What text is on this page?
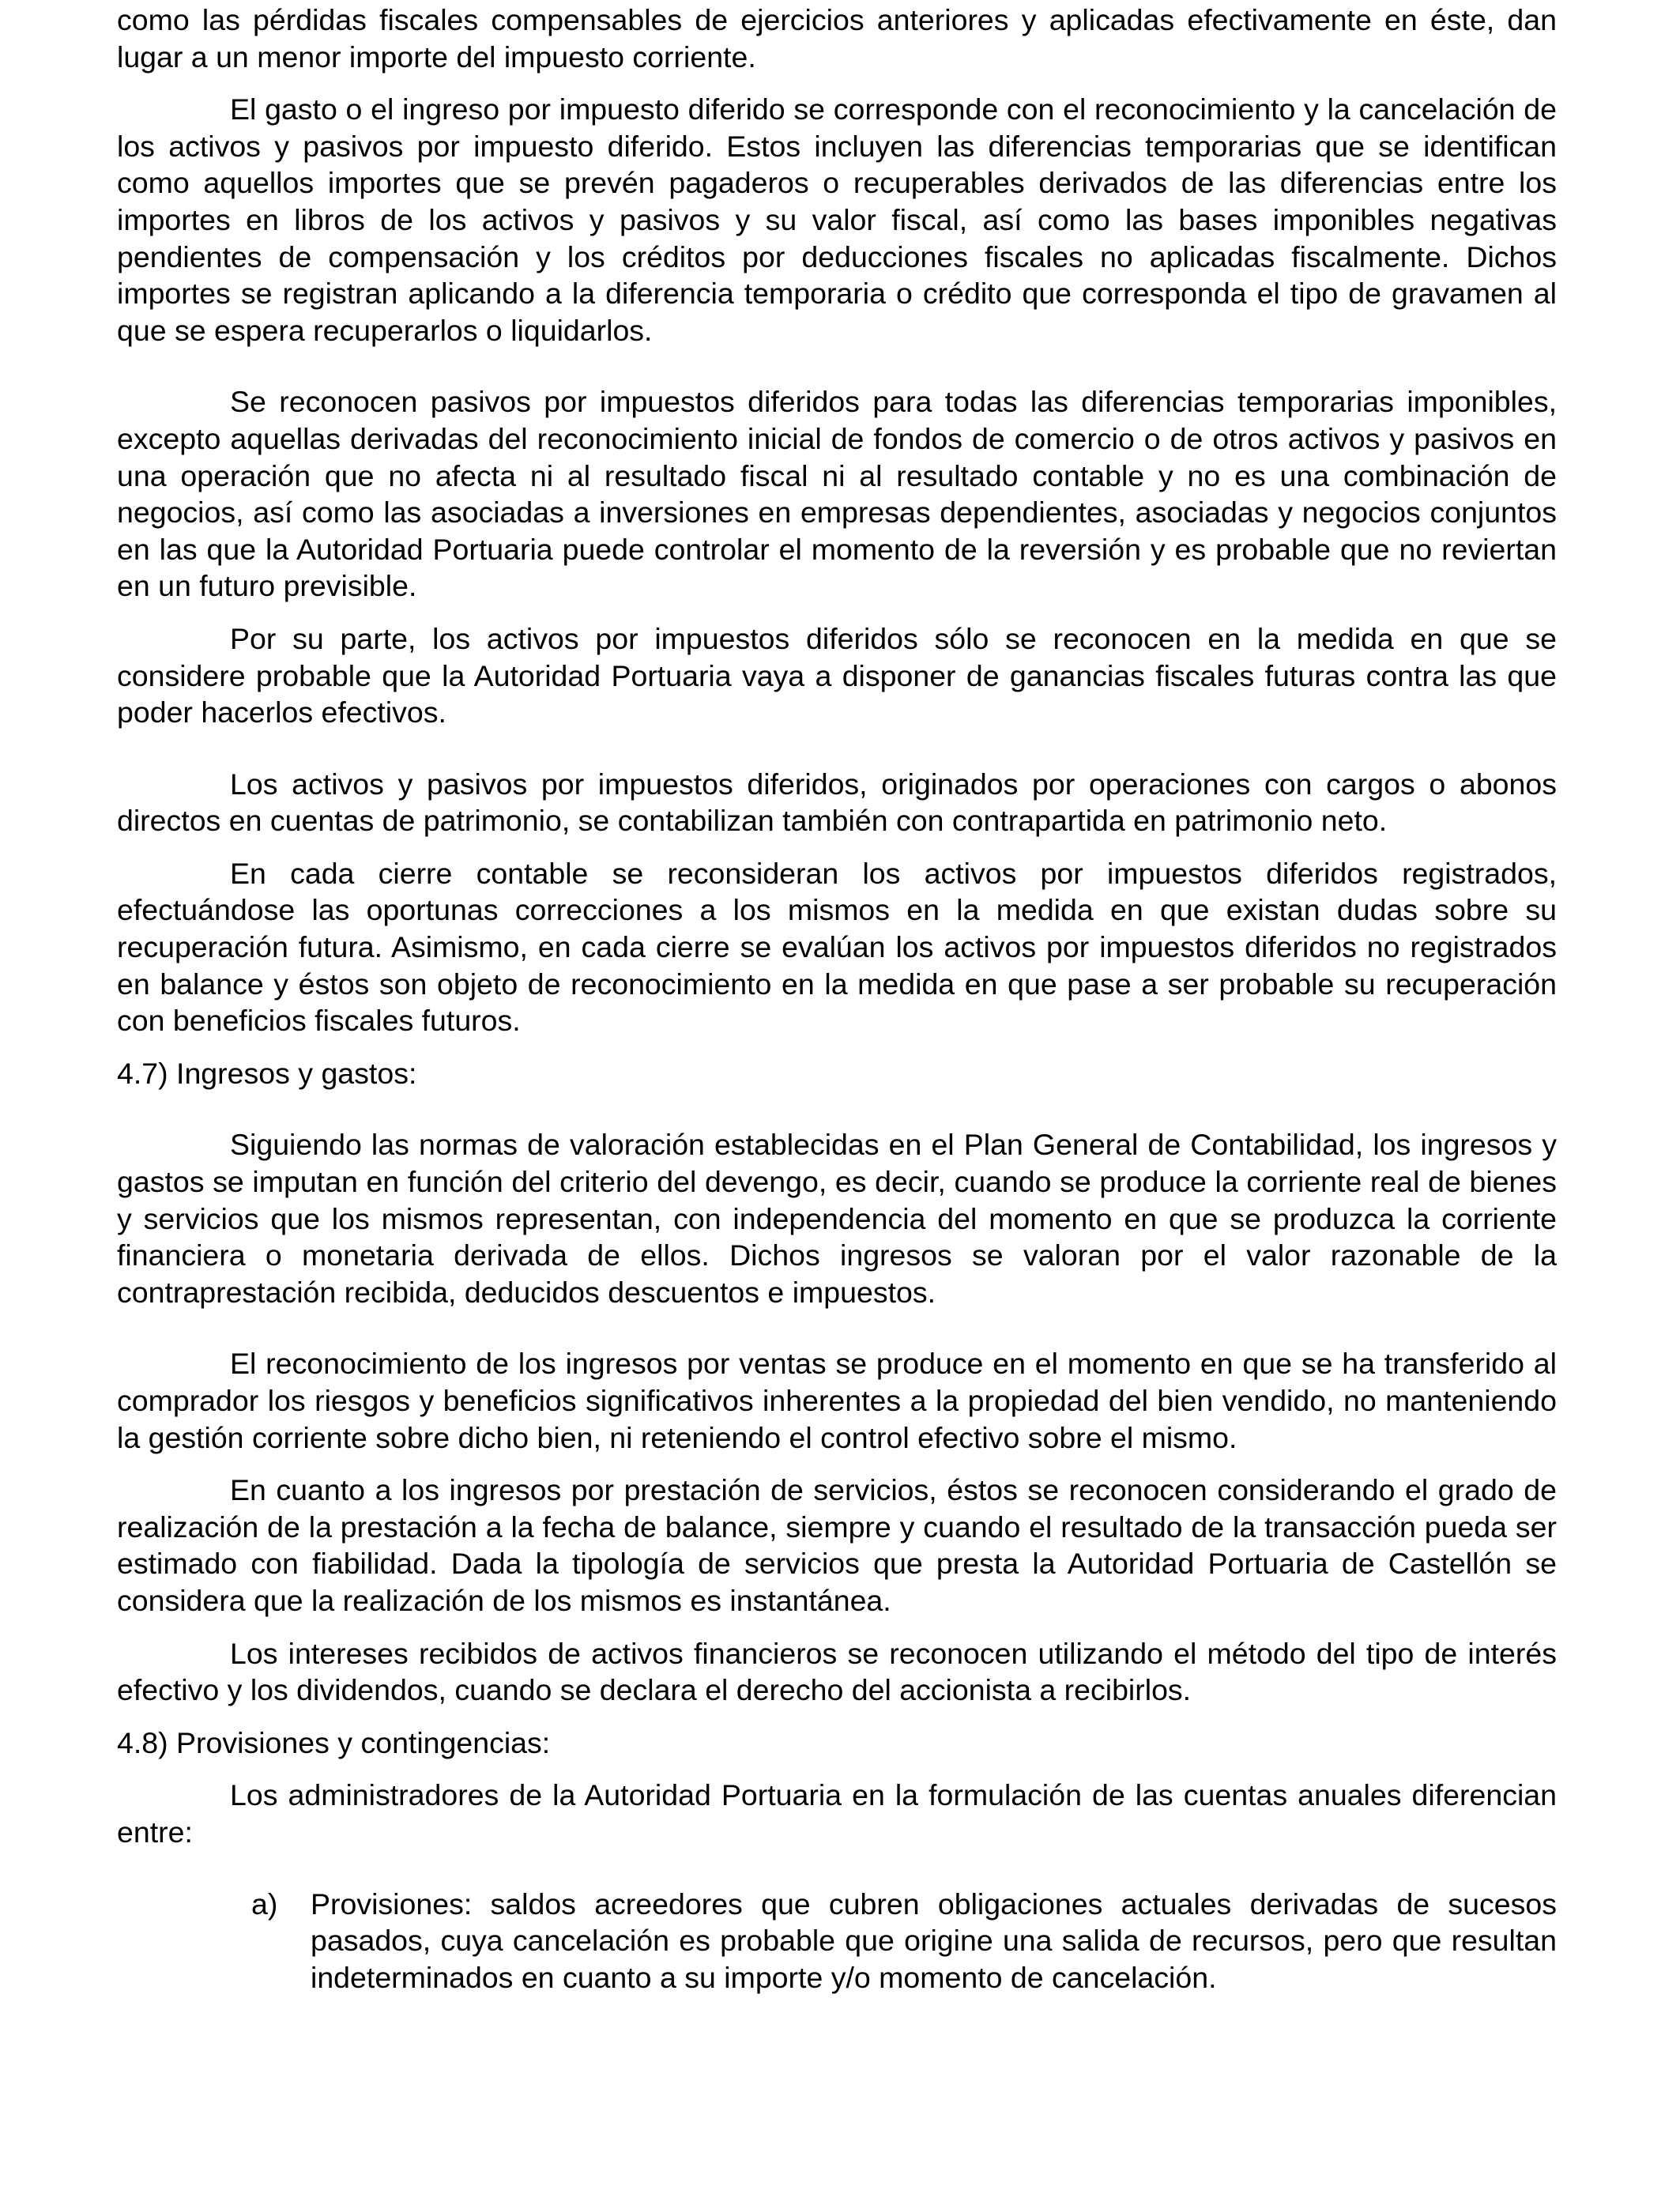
como las pérdidas fiscales compensables de ejercicios anteriores y aplicadas efectivamente en éste, dan lugar a un menor importe del impuesto corriente.

El gasto o el ingreso por impuesto diferido se corresponde con el reconocimiento y la cancelación de los activos y pasivos por impuesto diferido. Estos incluyen las diferencias temporarias que se identifican como aquellos importes que se prevén pagaderos o recuperables derivados de las diferencias entre los importes en libros de los activos y pasivos y su valor fiscal, así como las bases imponibles negativas pendientes de compensación y los créditos por deducciones fiscales no aplicadas fiscalmente. Dichos importes se registran aplicando a la diferencia temporaria o crédito que corresponda el tipo de gravamen al que se espera recuperarlos o liquidarlos.

Se reconocen pasivos por impuestos diferidos para todas las diferencias temporarias imponibles, excepto aquellas derivadas del reconocimiento inicial de fondos de comercio o de otros activos y pasivos en una operación que no afecta ni al resultado fiscal ni al resultado contable y no es una combinación de negocios, así como las asociadas a inversiones en empresas dependientes, asociadas y negocios conjuntos en las que la Autoridad Portuaria puede controlar el momento de la reversión y es probable que no reviertan en un futuro previsible.

Por su parte, los activos por impuestos diferidos sólo se reconocen en la medida en que se considere probable que la Autoridad Portuaria vaya a disponer de ganancias fiscales futuras contra las que poder hacerlos efectivos.

Los activos y pasivos por impuestos diferidos, originados por operaciones con cargos o abonos directos en cuentas de patrimonio, se contabilizan también con contrapartida en patrimonio neto.

En cada cierre contable se reconsideran los activos por impuestos diferidos registrados, efectuándose las oportunas correcciones a los mismos en la medida en que existan dudas sobre su recuperación futura. Asimismo, en cada cierre se evalúan los activos por impuestos diferidos no registrados en balance y éstos son objeto de reconocimiento en la medida en que pase a ser probable su recuperación con beneficios fiscales futuros.

4.7) Ingresos y gastos:

Siguiendo las normas de valoración establecidas en el Plan General de Contabilidad, los ingresos y gastos se imputan en función del criterio del devengo, es decir, cuando se produce la corriente real de bienes y servicios que los mismos representan, con independencia del momento en que se produzca la corriente financiera o monetaria derivada de ellos. Dichos ingresos se valoran por el valor razonable de la contraprestación recibida, deducidos descuentos e impuestos.

El reconocimiento de los ingresos por ventas se produce en el momento en que se ha transferido al comprador los riesgos y beneficios significativos inherentes a la propiedad del bien vendido, no manteniendo la gestión corriente sobre dicho bien, ni reteniendo el control efectivo sobre el mismo.

En cuanto a los ingresos por prestación de servicios, éstos se reconocen considerando el grado de realización de la prestación a la fecha de balance, siempre y cuando el resultado de la transacción pueda ser estimado con fiabilidad. Dada la tipología de servicios que presta la Autoridad Portuaria de Castellón se considera que la realización de los mismos es instantánea.

Los intereses recibidos de activos financieros se reconocen utilizando el método del tipo de interés efectivo y los dividendos, cuando se declara el derecho del accionista a recibirlos.

4.8) Provisiones y contingencias:

Los administradores de la Autoridad Portuaria en la formulación de las cuentas anuales diferencian entre:

a) Provisiones: saldos acreedores que cubren obligaciones actuales derivadas de sucesos pasados, cuya cancelación es probable que origine una salida de recursos, pero que resultan indeterminados en cuanto a su importe y/o momento de cancelación.
